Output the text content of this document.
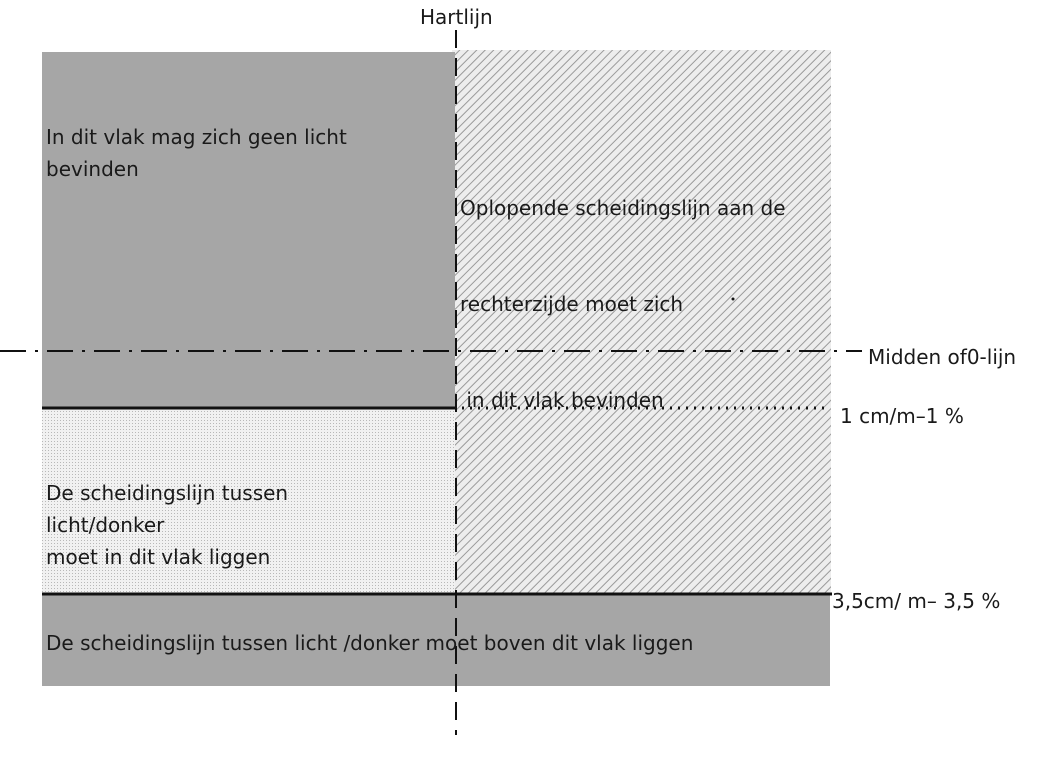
Hartlijn
Midden of0-lijn
1 cm/m–1 %
3,5cm/ m– 3,5 %
In dit vlak mag zich geen licht
bevinden

Oplopende scheidingslijn aan de

rechterzijde moet zich

in dit vlak bevinden

De scheidingslijn tussen
licht/donker
moet in dit vlak liggen
De scheidingslijn tussen licht /donker moet boven dit vlak liggen
